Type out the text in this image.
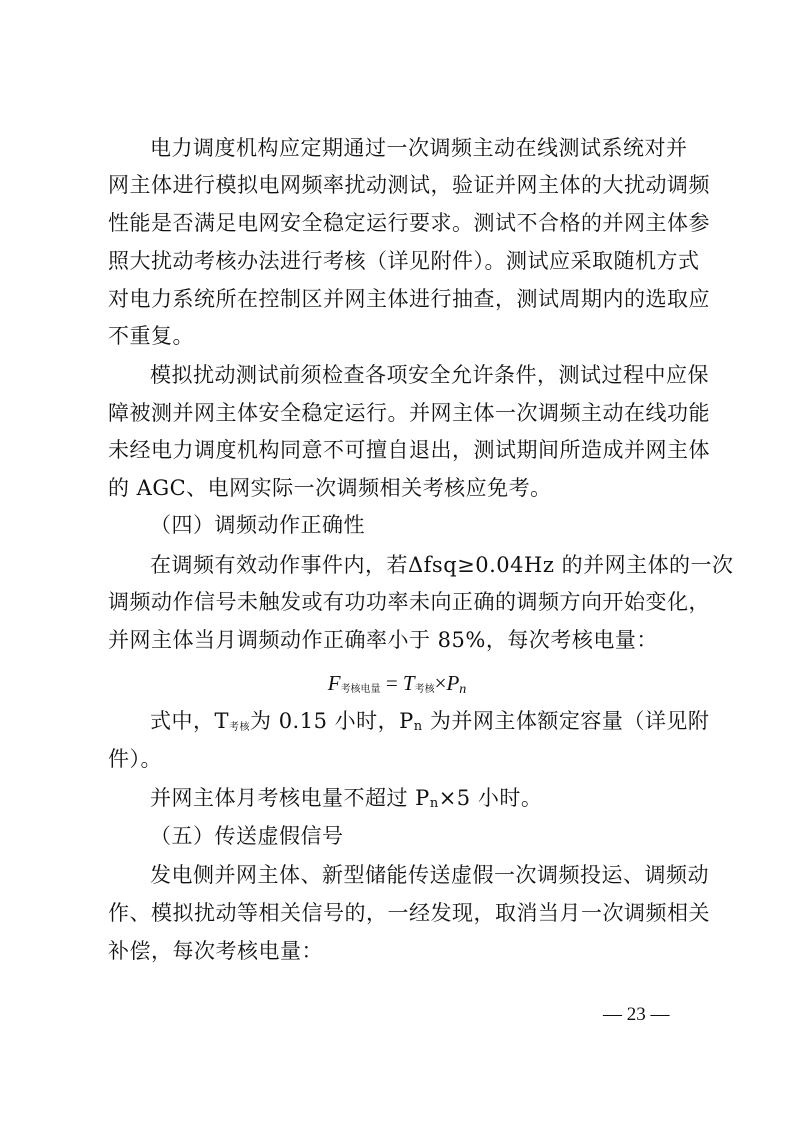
电力调度机构应定期通过一次调频主动在线测试系统对并
网主体进行模拟电网频率扰动测试，验证并网主体的大扰动调频
性能是否满足电网安全稳定运行要求。测试不合格的并网主体参
照大扰动考核办法进行考核（详见附件）。测试应采取随机方式
对电力系统所在控制区并网主体进行抽查，测试周期内的选取应
不重复。
模拟扰动测试前须检查各项安全允许条件，测试过程中应保
障被测并网主体安全稳定运行。并网主体一次调频主动在线功能
未经电力调度机构同意不可擅自退出，测试期间所造成并网主体
的 AGC、电网实际一次调频相关考核应免考。
（四）调频动作正确性
在调频有效动作事件内，若Δfsq≥0.04Hz 的并网主体的一次
调频动作信号未触发或有功功率未向正确的调频方向开始变化，
并网主体当月调频动作正确率小于 85%，每次考核电量：
$F_{考核电量} = T_{考核}\times P_n$
式中，$T_{考核}$为 0.15 小时，Pn 为并网主体额定容量（详见附
件）。
并网主体月考核电量不超过 Pn×5 小时。
（五）传送虚假信号
发电侧并网主体、新型储能传送虚假一次调频投运、调频动
作、模拟扰动等相关信号的，一经发现，取消当月一次调频相关
补偿，每次考核电量：
— 23 —
